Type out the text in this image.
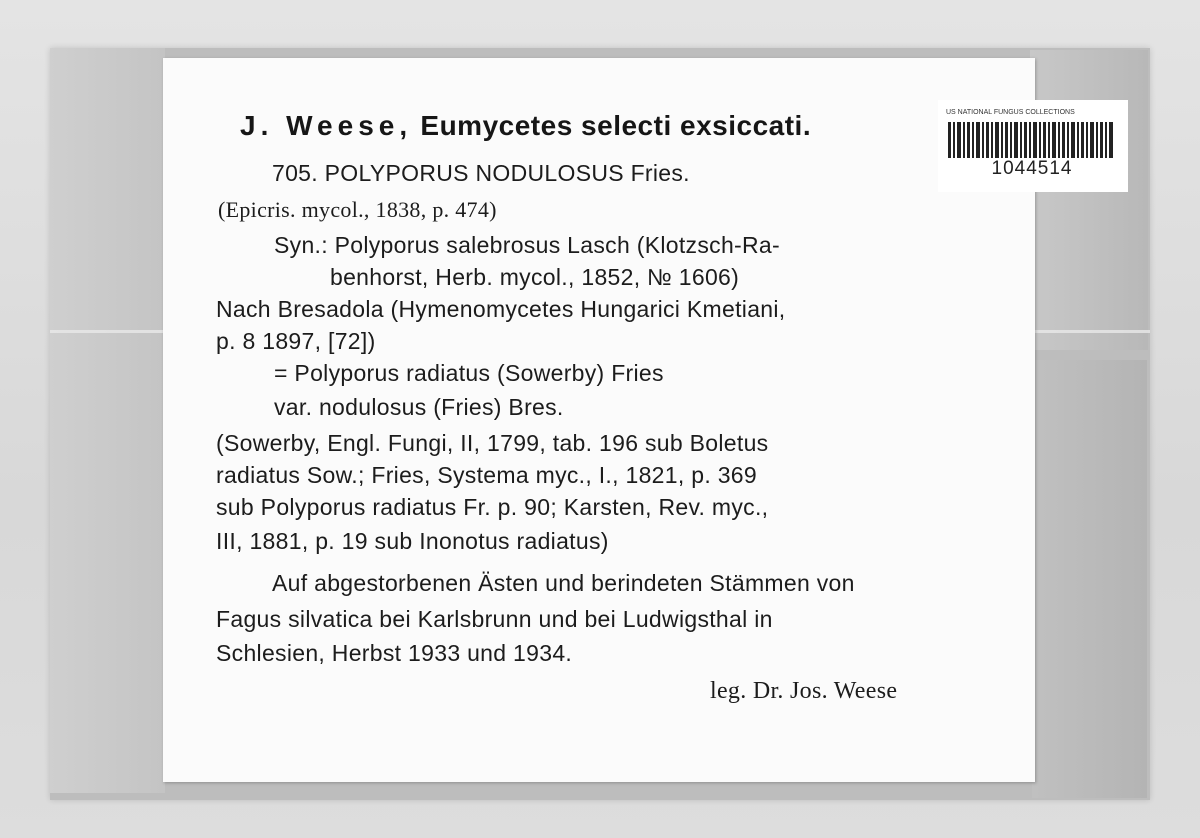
J. Weese, Eumycetes selecti exsiccati.
705. POLYPORUS NODULOSUS Fries.
(Epicris. mycol., 1838, p. 474)
Syn.: Polyporus salebrosus Lasch (Klotzsch-Ra-
benhorst, Herb. mycol., 1852, № 1606)
Nach Bresadola (Hymenomycetes Hungarici Kmetiani,
p. 8 1897, [72])
= Polyporus radiatus (Sowerby) Fries
var. nodulosus (Fries) Bres.
(Sowerby, Engl. Fungi, II, 1799, tab. 196 sub Boletus
radiatus Sow.; Fries, Systema myc., I., 1821, p. 369
sub Polyporus radiatus Fr. p. 90; Karsten, Rev. myc.,
III, 1881, p. 19 sub Inonotus radiatus)
Auf abgestorbenen Ästen und berindeten Stämmen von
Fagus silvatica bei Karlsbrunn und bei Ludwigsthal in
Schlesien, Herbst 1933 und 1934.
leg. Dr. Jos. Weese
US NATIONAL FUNGUS COLLECTIONS
1044514
